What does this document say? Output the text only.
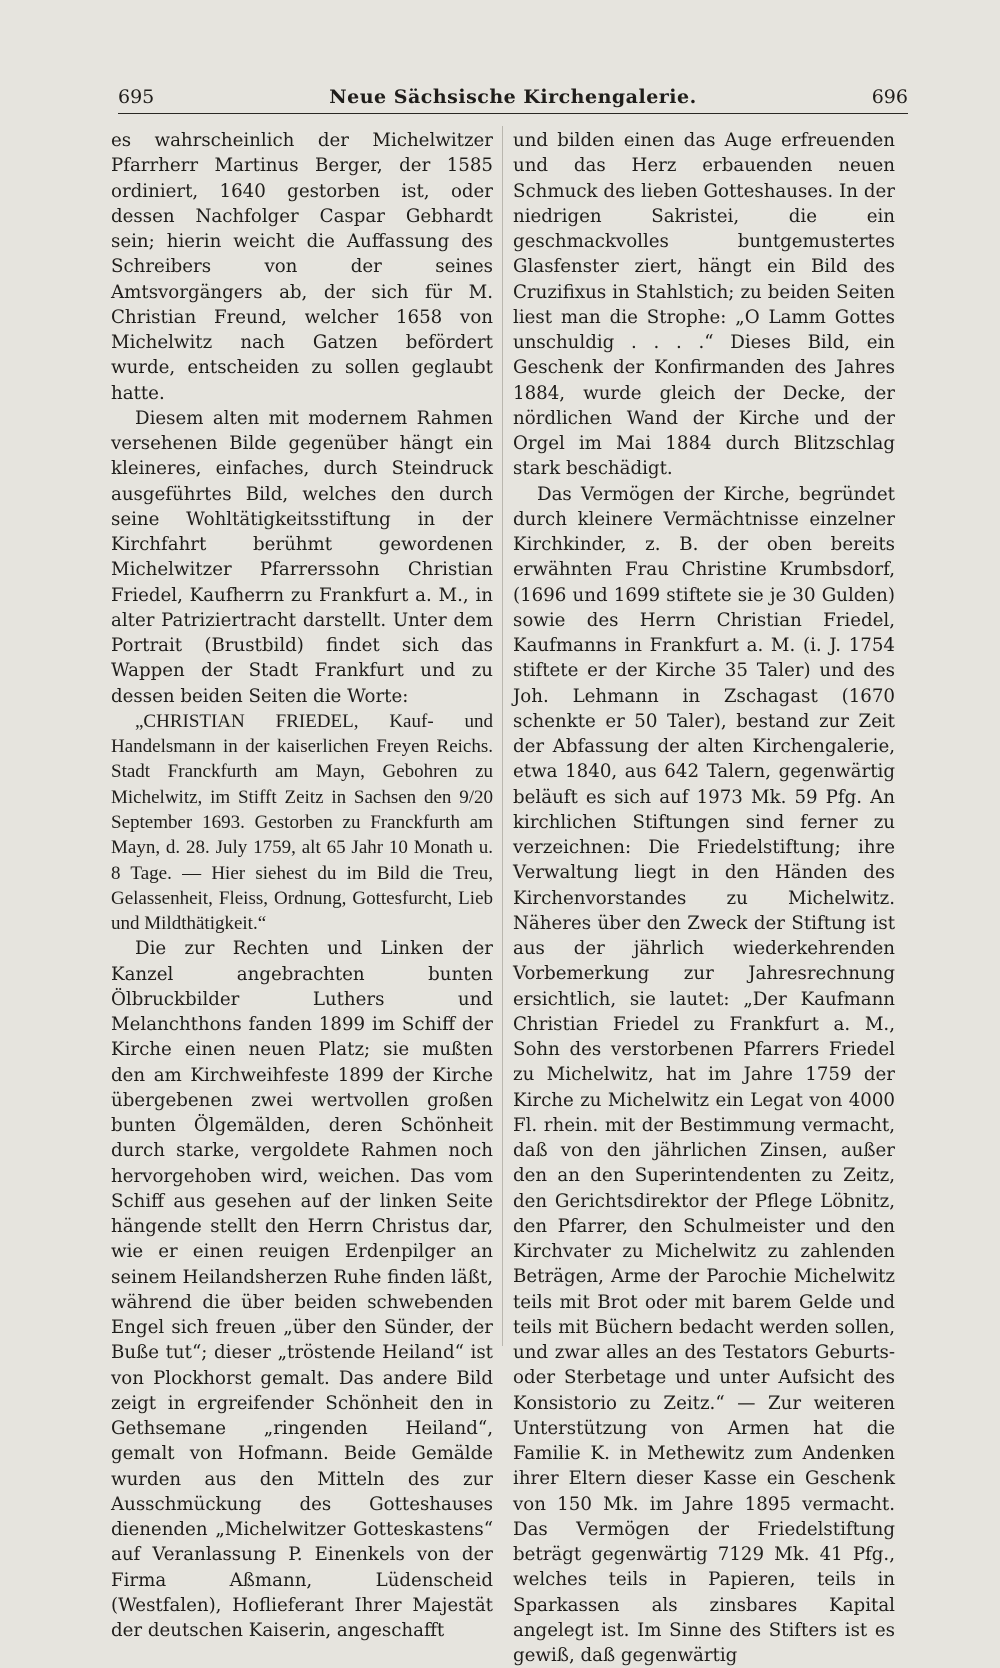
695	Neue Sächsische Kirchengalerie.	696

es wahrscheinlich der Michelwitzer Pfarrherr Martinus Berger, der 1585 ordiniert, 1640 gestorben ist, oder dessen Nachfolger Caspar Gebhardt sein; hierin weicht die Auffassung des Schreibers von der seines Amtsvorgängers ab, der sich für M. Christian Freund, welcher 1658 von Michelwitz nach Gatzen befördert wurde, entscheiden zu sollen geglaubt hatte.

Diesem alten mit modernem Rahmen versehenen Bilde gegenüber hängt ein kleineres, einfaches, durch Steindruck ausgeführtes Bild, welches den durch seine Wohltätigkeitsstiftung in der Kirchfahrt berühmt gewordenen Michelwitzer Pfarrerssohn Christian Friedel, Kaufherrn zu Frankfurt a. M., in alter Patriziertracht darstellt. Unter dem Portrait (Brustbild) findet sich das Wappen der Stadt Frankfurt und zu dessen beiden Seiten die Worte:

„CHRISTIAN FRIEDEL, Kauf- und Handelsmann in der kaiserlichen Freyen Reichs. Stadt Franckfurth am Mayn, Gebohren zu Michelwitz, im Stifft Zeitz in Sachsen den 9/20 September 1693. Gestorben zu Franckfurth am Mayn, d. 28. July 1759, alt 65 Jahr 10 Monath u. 8 Tage. — Hier siehest du im Bild die Treu, Gelassenheit, Fleiss, Ordnung, Gottesfurcht, Lieb und Mildthätigkeit.“

Die zur Rechten und Linken der Kanzel angebrachten bunten Ölbruckbilder Luthers und Melanchthons fanden 1899 im Schiff der Kirche einen neuen Platz; sie mußten den am Kirchweihfeste 1899 der Kirche übergebenen zwei wertvollen großen bunten Ölgemälden, deren Schönheit durch starke, vergoldete Rahmen noch hervorgehoben wird, weichen. Das vom Schiff aus gesehen auf der linken Seite hängende stellt den Herrn Christus dar, wie er einen reuigen Erdenpilger an seinem Heilandsherzen Ruhe finden läßt, während die über beiden schwebenden Engel sich freuen „über den Sünder, der Buße tut“; dieser „tröstende Heiland“ ist von Plockhorst gemalt. Das andere Bild zeigt in ergreifender Schönheit den in Gethsemane „ringenden Heiland“, gemalt von Hofmann. Beide Gemälde wurden aus den Mitteln des zur Ausschmückung des Gotteshauses dienenden „Michelwitzer Gotteskastens“ auf Veranlassung P. Einenkels von der Firma Aßmann, Lüdenscheid (Westfalen), Hoflieferant Ihrer Majestät der deutschen Kaiserin, angeschafft

und bilden einen das Auge erfreuenden und das Herz erbauenden neuen Schmuck des lieben Gotteshauses. In der niedrigen Sakristei, die ein geschmackvolles buntgemustertes Glasfenster ziert, hängt ein Bild des Cruzifixus in Stahlstich; zu beiden Seiten liest man die Strophe: „O Lamm Gottes unschuldig . . . .“ Dieses Bild, ein Geschenk der Konfirmanden des Jahres 1884, wurde gleich der Decke, der nördlichen Wand der Kirche und der Orgel im Mai 1884 durch Blitzschlag stark beschädigt.

Das Vermögen der Kirche, begründet durch kleinere Vermächtnisse einzelner Kirchkinder, z. B. der oben bereits erwähnten Frau Christine Krumbsdorf, (1696 und 1699 stiftete sie je 30 Gulden) sowie des Herrn Christian Friedel, Kaufmanns in Frankfurt a. M. (i. J. 1754 stiftete er der Kirche 35 Taler) und des Joh. Lehmann in Zschagast (1670 schenkte er 50 Taler), bestand zur Zeit der Abfassung der alten Kirchengalerie, etwa 1840, aus 642 Talern, gegenwärtig beläuft es sich auf 1973 Mk. 59 Pfg. An kirchlichen Stiftungen sind ferner zu verzeichnen: Die Friedelstiftung; ihre Verwaltung liegt in den Händen des Kirchenvorstandes zu Michelwitz. Näheres über den Zweck der Stiftung ist aus der jährlich wiederkehrenden Vorbemerkung zur Jahresrechnung ersichtlich, sie lautet: „Der Kaufmann Christian Friedel zu Frankfurt a. M., Sohn des verstorbenen Pfarrers Friedel zu Michelwitz, hat im Jahre 1759 der Kirche zu Michelwitz ein Legat von 4000 Fl. rhein. mit der Bestimmung vermacht, daß von den jährlichen Zinsen, außer den an den Superintendenten zu Zeitz, den Gerichtsdirektor der Pflege Löbnitz, den Pfarrer, den Schulmeister und den Kirchvater zu Michelwitz zu zahlenden Beträgen, Arme der Parochie Michelwitz teils mit Brot oder mit barem Gelde und teils mit Büchern bedacht werden sollen, und zwar alles an des Testators Geburts- oder Sterbetage und unter Aufsicht des Konsistorio zu Zeitz.“ — Zur weiteren Unterstützung von Armen hat die Familie K. in Methewitz zum Andenken ihrer Eltern dieser Kasse ein Geschenk von 150 Mk. im Jahre 1895 vermacht. Das Vermögen der Friedelstiftung beträgt gegenwärtig 7129 Mk. 41 Pfg., welches teils in Papieren, teils in Sparkassen als zinsbares Kapital angelegt ist. Im Sinne des Stifters ist es gewiß, daß gegenwärtig
